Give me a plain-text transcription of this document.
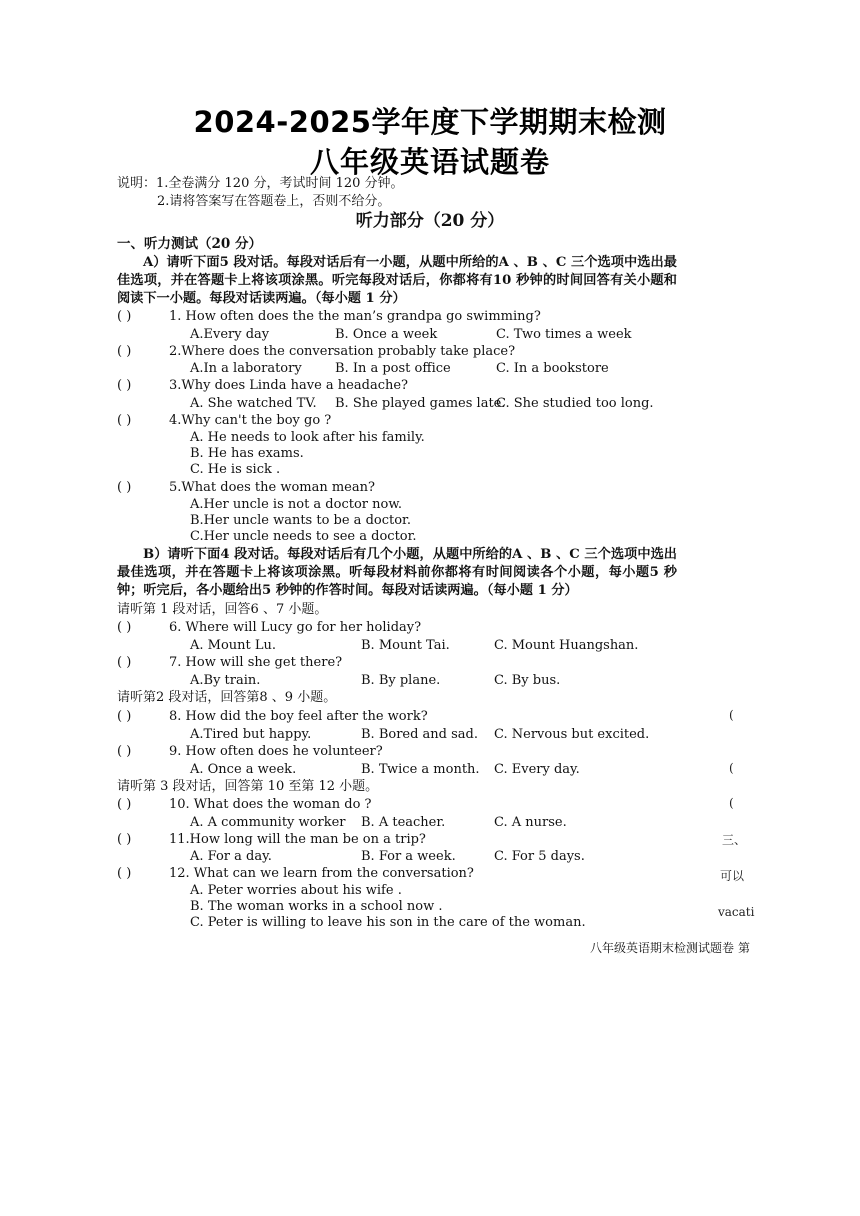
2024-2025学年度下学期期末检测
八年级英语试题卷
说明：1.全卷满分 120 分，考试时间 120 分钟。
2.请将答案写在答题卷上，否则不给分。
听力部分（20 分）
一、听力测试（20 分）
A）请听下面5 段对话。每段对话后有一小题，从题中所给的A 、B 、C 三个选项中选出最 佳选项，并在答题卡上将该项涂黑。听完每段对话后，你都将有10 秒钟的时间回答有关小题和 阅读下一小题。每段对话读两遍。（每小题 1 分）
( )	1. How often does the the man’s grandpa go swimming?
A.Every day	B. Once a week	C. Two times a week
( )	2.Where does the conversation probably take place?
A.In a laboratory	B. In a post office	C. In a bookstore
( )	3.Why does Linda have a headache?
A. She watched TV. B. She played games late.
C. She studied too long.
( )	4.Why can't the boy go ?
A. He needs to look after his family.
B. He has exams.
C. He is sick .
( )	5.What does the woman mean?
A.Her uncle is not a doctor now.
B.Her uncle wants to be a doctor.
C.Her uncle needs to see a doctor.
B）请听下面4 段对话。每段对话后有几个小题，从题中所给的A 、B 、C 三个选项中选出 最佳选项，并在答题卡上将该项涂黑。听每段材料前你都将有时间阅读各个小题，每小题5 秒钟；听完后，各小题给出5 秒钟的作答时间。每段对话读两遍。（每小题 1 分）
请听第 1 段对话，回答6 、7 小题。
( )	6. Where will Lucy go for her holiday?
A. Mount Lu.	B. Mount Tai.	C. Mount Huangshan.
( )	7. How will she get there?
A.By train.	B. By plane.	C. By bus.
请听第2 段对话，回答第8 、9 小题。
( )	8. How did the boy feel after the work?
A.Tired but happy.	B. Bored and sad. C. Nervous but excited.
( )	9. How often does he volunteer?
A. Once a week.	B. Twice a month. C. Every day.
请听第 3 段对话，回答第 10 至第 12 小题。
( )	10. What does the woman do ?
A. A community worker B. A teacher.	C. A nurse.
( )	11.How long will the man be on a trip?
A. For a day.	B. For a week.	C. For 5 days.
( )	12. What can we learn from the conversation?
A. Peter worries about his wife .
B. The woman works in a school now .
C. Peter is willing to leave his son in the care of the woman.
(
(
(
三、
可以
vacati
八年级英语期末检测试题卷 第
